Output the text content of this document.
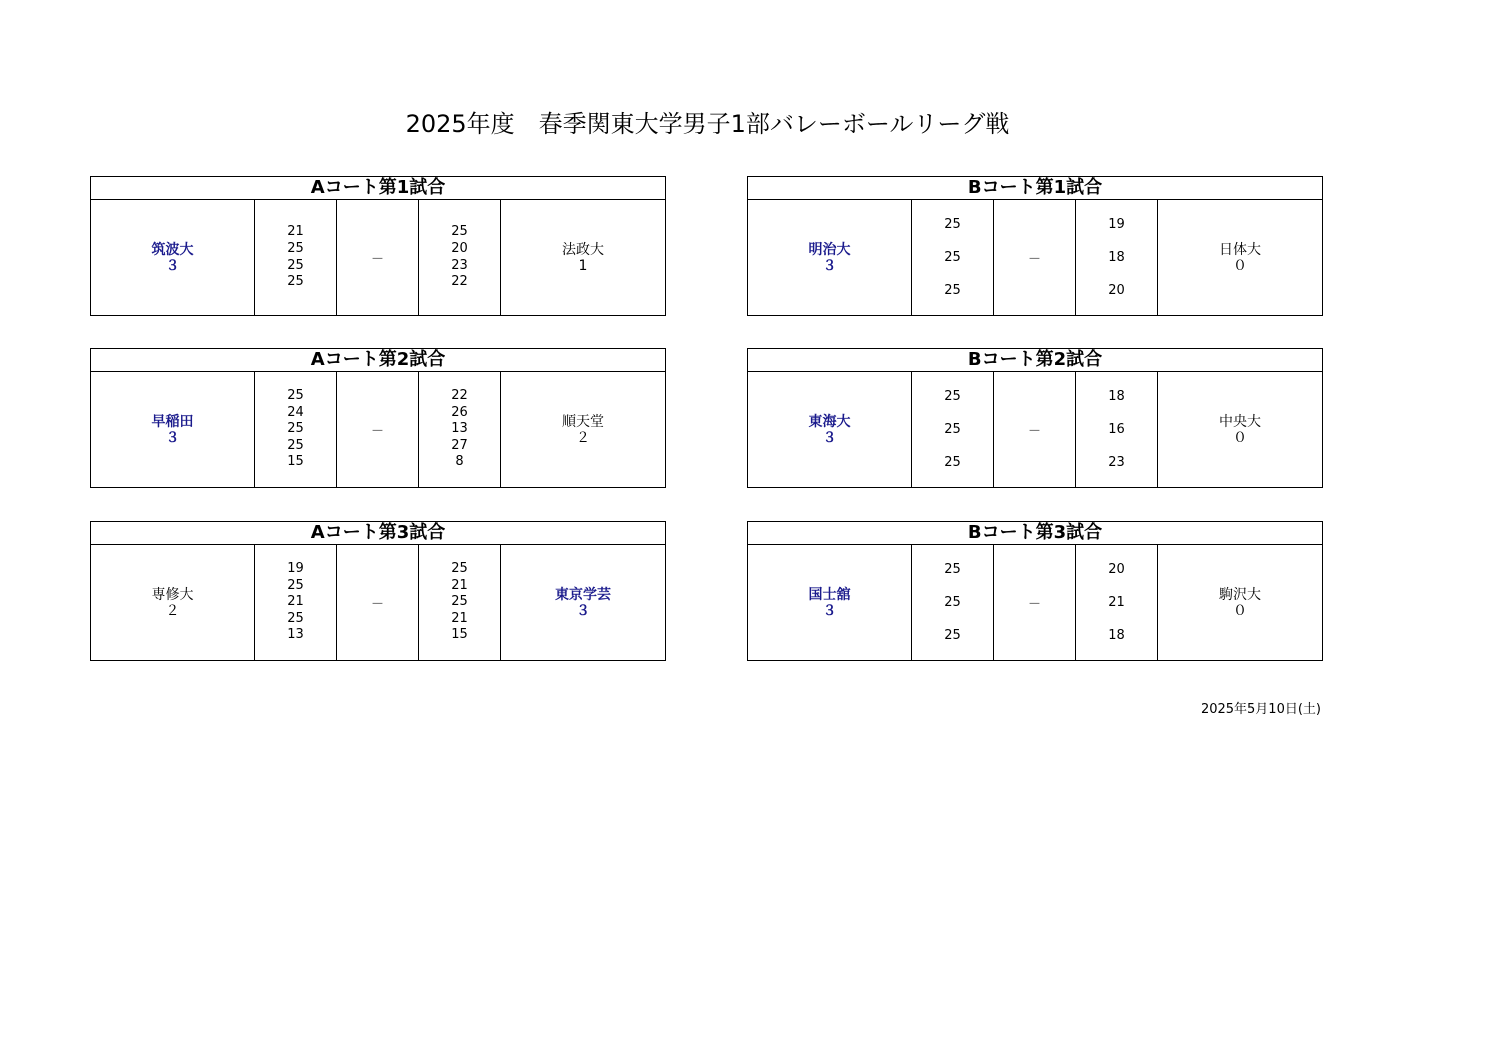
2025年度　春季関東大学男子1部バレーボールリーグ戦
Aコート第1試合
筑波大
３
21
25
25
25
－
25
20
23
22
法政大
1
Bコート第1試合
明治大
３
25
25
25
－
19
18
20
日体大
０
Aコート第2試合
早稲田
３
25
24
25
25
15
－
22
26
13
27
8
順天堂
２
Bコート第2試合
東海大
３
25
25
25
－
18
16
23
中央大
０
Aコート第3試合
専修大
２
19
25
21
25
13
－
25
21
25
21
15
東京学芸
３
Bコート第3試合
国士舘
３
25
25
25
－
20
21
18
駒沢大
０
2025年5月10日(土)
